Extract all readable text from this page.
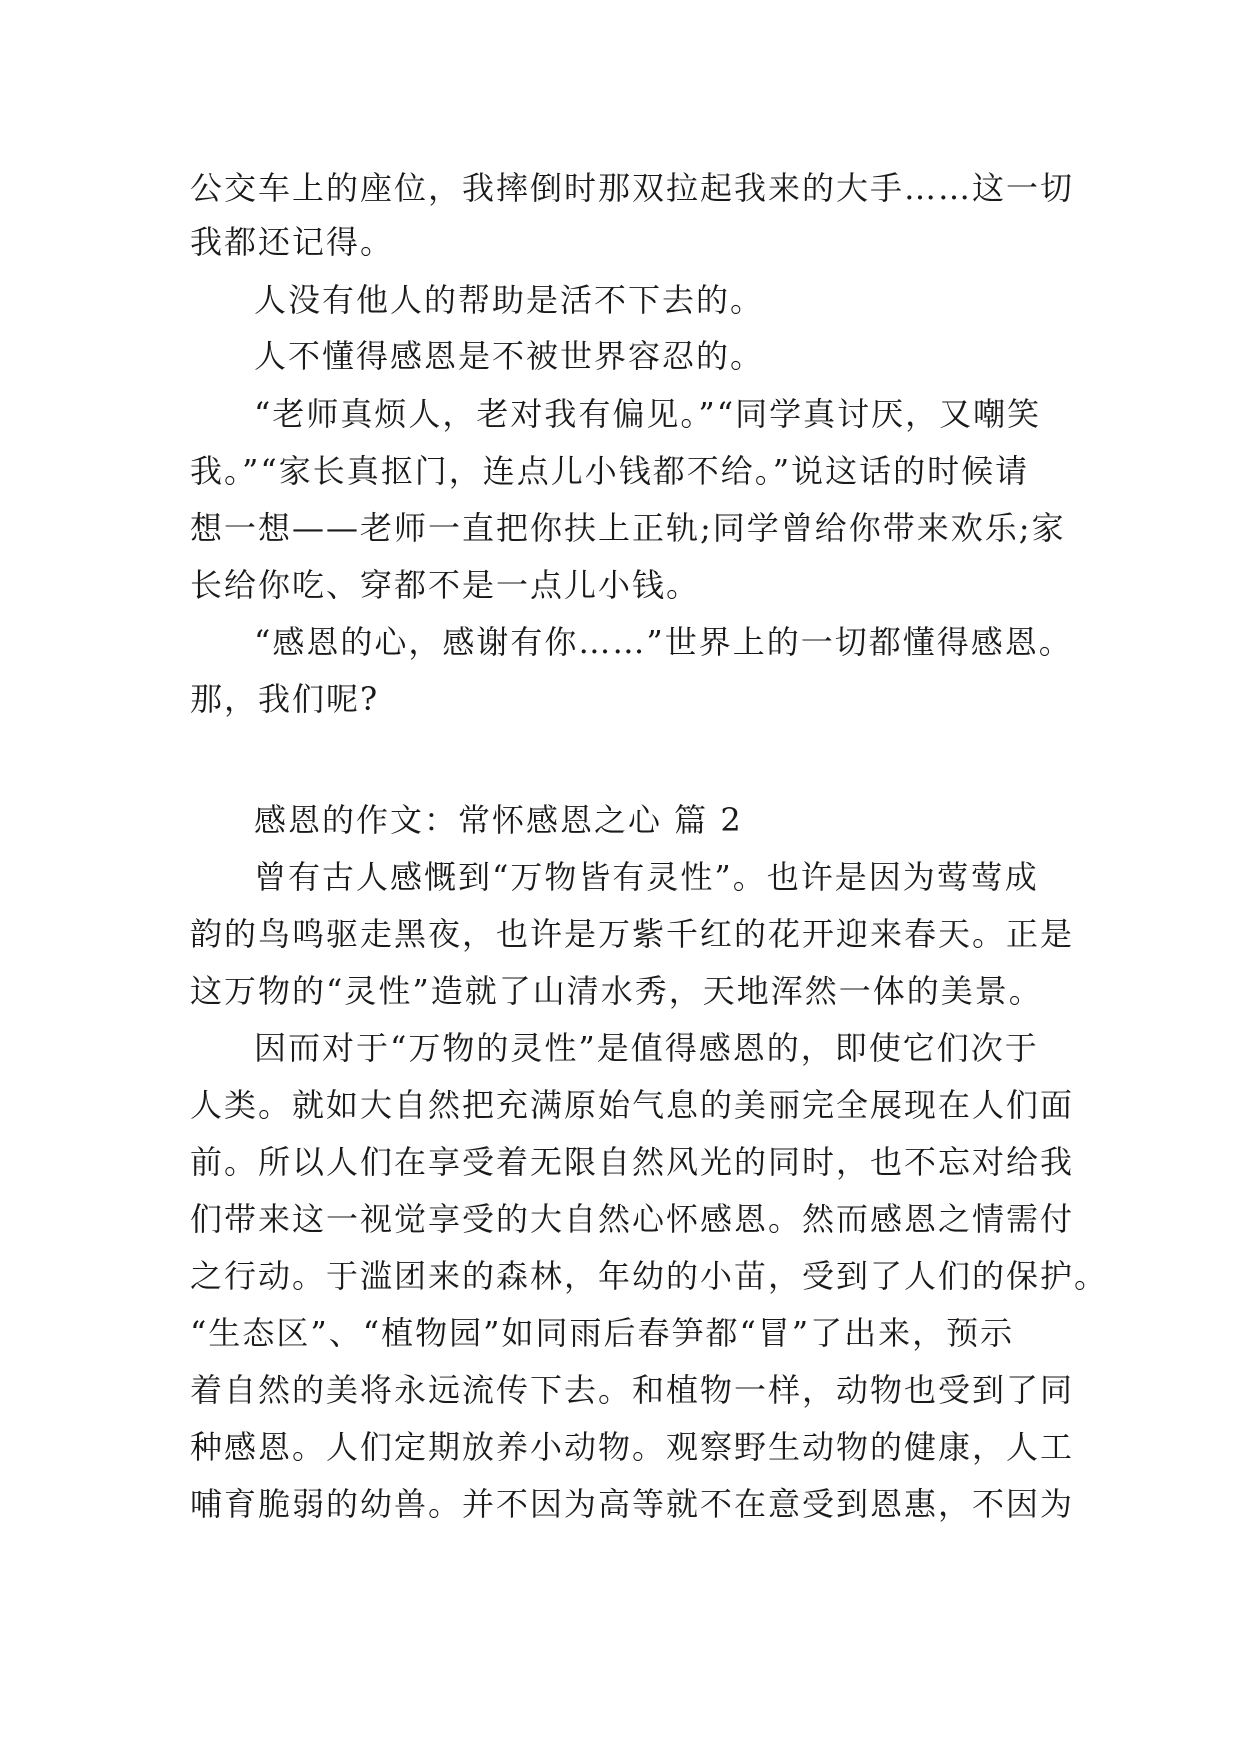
公交车上的座位，我摔倒时那双拉起我来的大手……这一切
我都还记得。
人没有他人的帮助是活不下去的。
人不懂得感恩是不被世界容忍的。
“老师真烦人，老对我有偏见。”“同学真讨厌，又嘲笑
我。”“家长真抠门，连点儿小钱都不给。”说这话的时候请
想一想——老师一直把你扶上正轨;同学曾给你带来欢乐;家
长给你吃、穿都不是一点儿小钱。
“感恩的心，感谢有你……”世界上的一切都懂得感恩。
那，我们呢?
感恩的作文：常怀感恩之心 篇 2
曾有古人感慨到“万物皆有灵性”。也许是因为莺莺成
韵的鸟鸣驱走黑夜，也许是万紫千红的花开迎来春天。正是
这万物的“灵性”造就了山清水秀，天地浑然一体的美景。
因而对于“万物的灵性”是值得感恩的，即使它们次于
人类。就如大自然把充满原始气息的美丽完全展现在人们面
前。所以人们在享受着无限自然风光的同时，也不忘对给我
们带来这一视觉享受的大自然心怀感恩。然而感恩之情需付
之行动。于滥团来的森林，年幼的小苗，受到了人们的保护。
“生态区”、“植物园”如同雨后春笋都“冒”了出来，预示
着自然的美将永远流传下去。和植物一样，动物也受到了同
种感恩。人们定期放养小动物。观察野生动物的健康，人工
哺育脆弱的幼兽。并不因为高等就不在意受到恩惠，不因为
